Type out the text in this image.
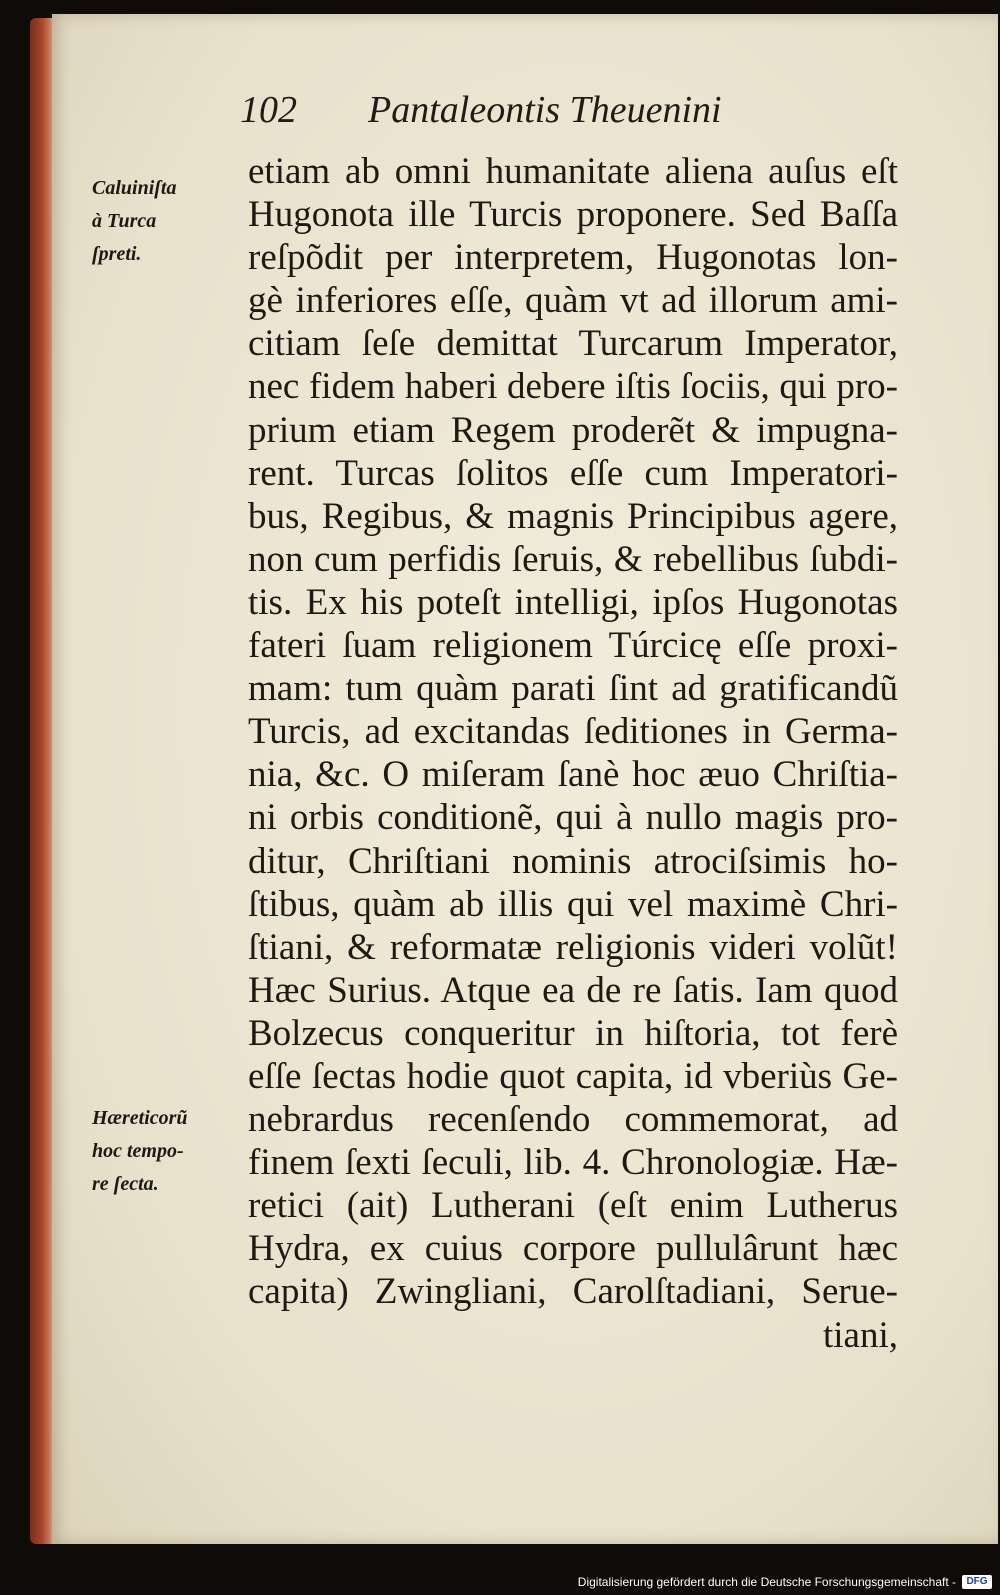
102 Pantaleontis Theuenini
Caluiniſta
à Turca
ſpreti.
Hæreticorũ
hoc tempo-
re ſecta.
etiam ab omni humanitate aliena auſus eſt
Hugonota ille Turcis proponere. Sed Baſſa
reſpõdit per interpretem, Hugonotas lon-
gè inferiores eſſe, quàm vt ad illorum ami-
citiam ſeſe demittat Turcarum Imperator,
nec fidem haberi debere iſtis ſociis, qui pro-
prium etiam Regem proderẽt & impugna-
rent. Turcas ſolitos eſſe cum Imperatori-
bus, Regibus, & magnis Principibus agere,
non cum perfidis ſeruis, & rebellibus ſubdi-
tis. Ex his poteſt intelligi, ipſos Hugonotas
fateri ſuam religionem Túrcicę eſſe proxi-
mam: tum quàm parati ſint ad gratificandũ
Turcis, ad excitandas ſeditiones in Germa-
nia, &c. O miſeram ſanè hoc æuo Chriſtia-
ni orbis conditionẽ, qui à nullo magis pro-
ditur, Chriſtiani nominis atrociſsimis ho-
ſtibus, quàm ab illis qui vel maximè Chri-
ſtiani, & reformatæ religionis videri volũt!
Hæc Surius. Atque ea de re ſatis. Iam quod
Bolzecus conqueritur in hiſtoria, tot ferè
eſſe ſectas hodie quot capita, id vberiùs Ge-
nebrardus recenſendo commemorat, ad
finem ſexti ſeculi, lib. 4. Chronologiæ. Hæ-
retici (ait) Lutherani (eſt enim Lutherus
Hydra, ex cuius corpore pullulârunt hæc
capita) Zwingliani, Carolſtadiani, Serue-
tiani,
Digitalisierung gefördert durch die Deutsche Forschungsgemeinschaft -	DFG
